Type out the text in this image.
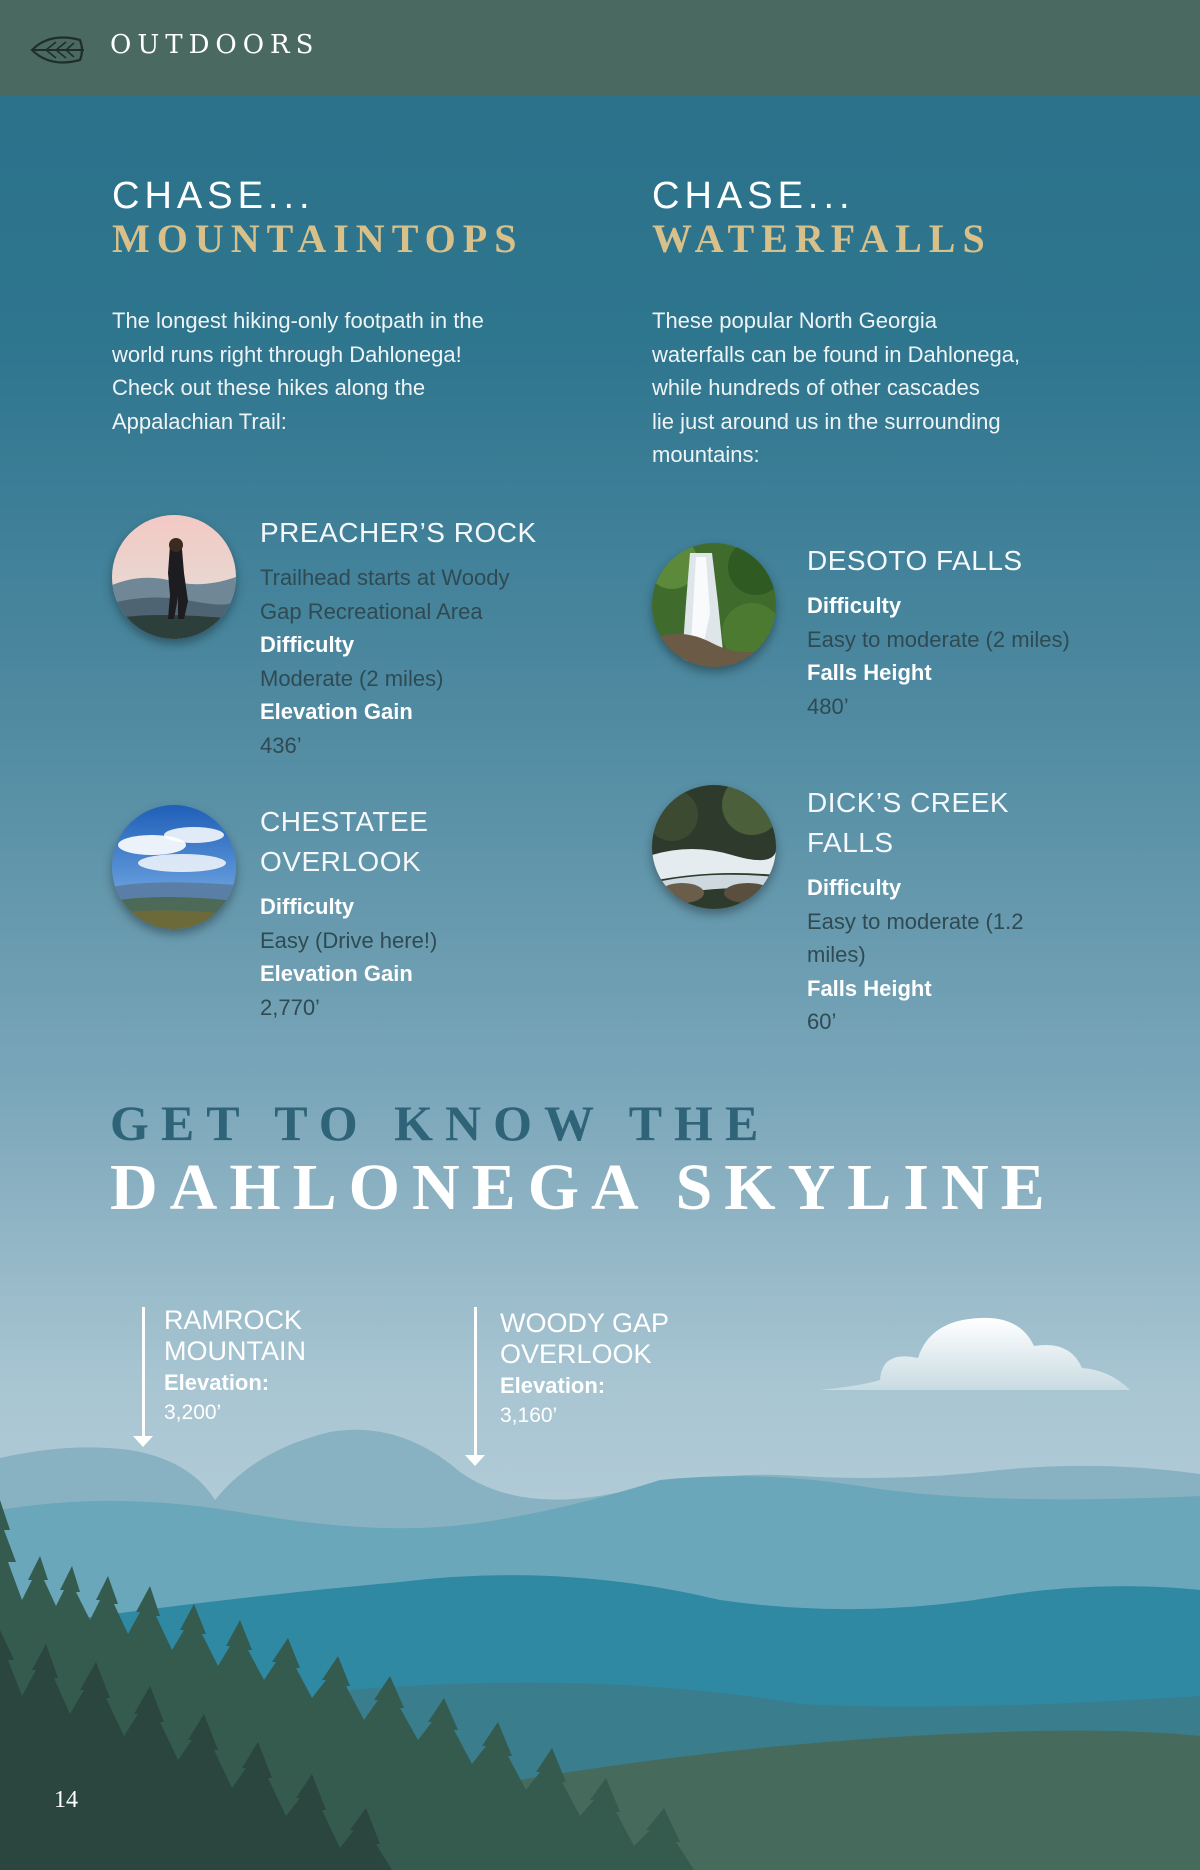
OUTDOORS
CHASE...
MOUNTAINTOPS
The longest hiking-only footpath in the
world runs right through Dahlonega!
Check out these hikes along the
Appalachian Trail:
CHASE...
WATERFALLS
These popular North Georgia
waterfalls can be found in Dahlonega,
while hundreds of other cascades
lie just around us in the surrounding
mountains:
PREACHER’S ROCK
Trailhead starts at Woody
Gap Recreational Area
Difficulty
Moderate (2 miles)
Elevation Gain
436’
CHESTATEE
OVERLOOK
Difficulty
Easy (Drive here!)
Elevation Gain
2,770’
DESOTO FALLS
Difficulty
Easy to moderate (2 miles)
Falls Height
480’
DICK’S CREEK
FALLS
Difficulty
Easy to moderate (1.2
miles)
Falls Height
60’
GET TO KNOW THE
DAHLONEGA SKYLINE
RAMROCK
MOUNTAIN
Elevation:
3,200’
WOODY GAP
OVERLOOK
Elevation:
3,160’
14
